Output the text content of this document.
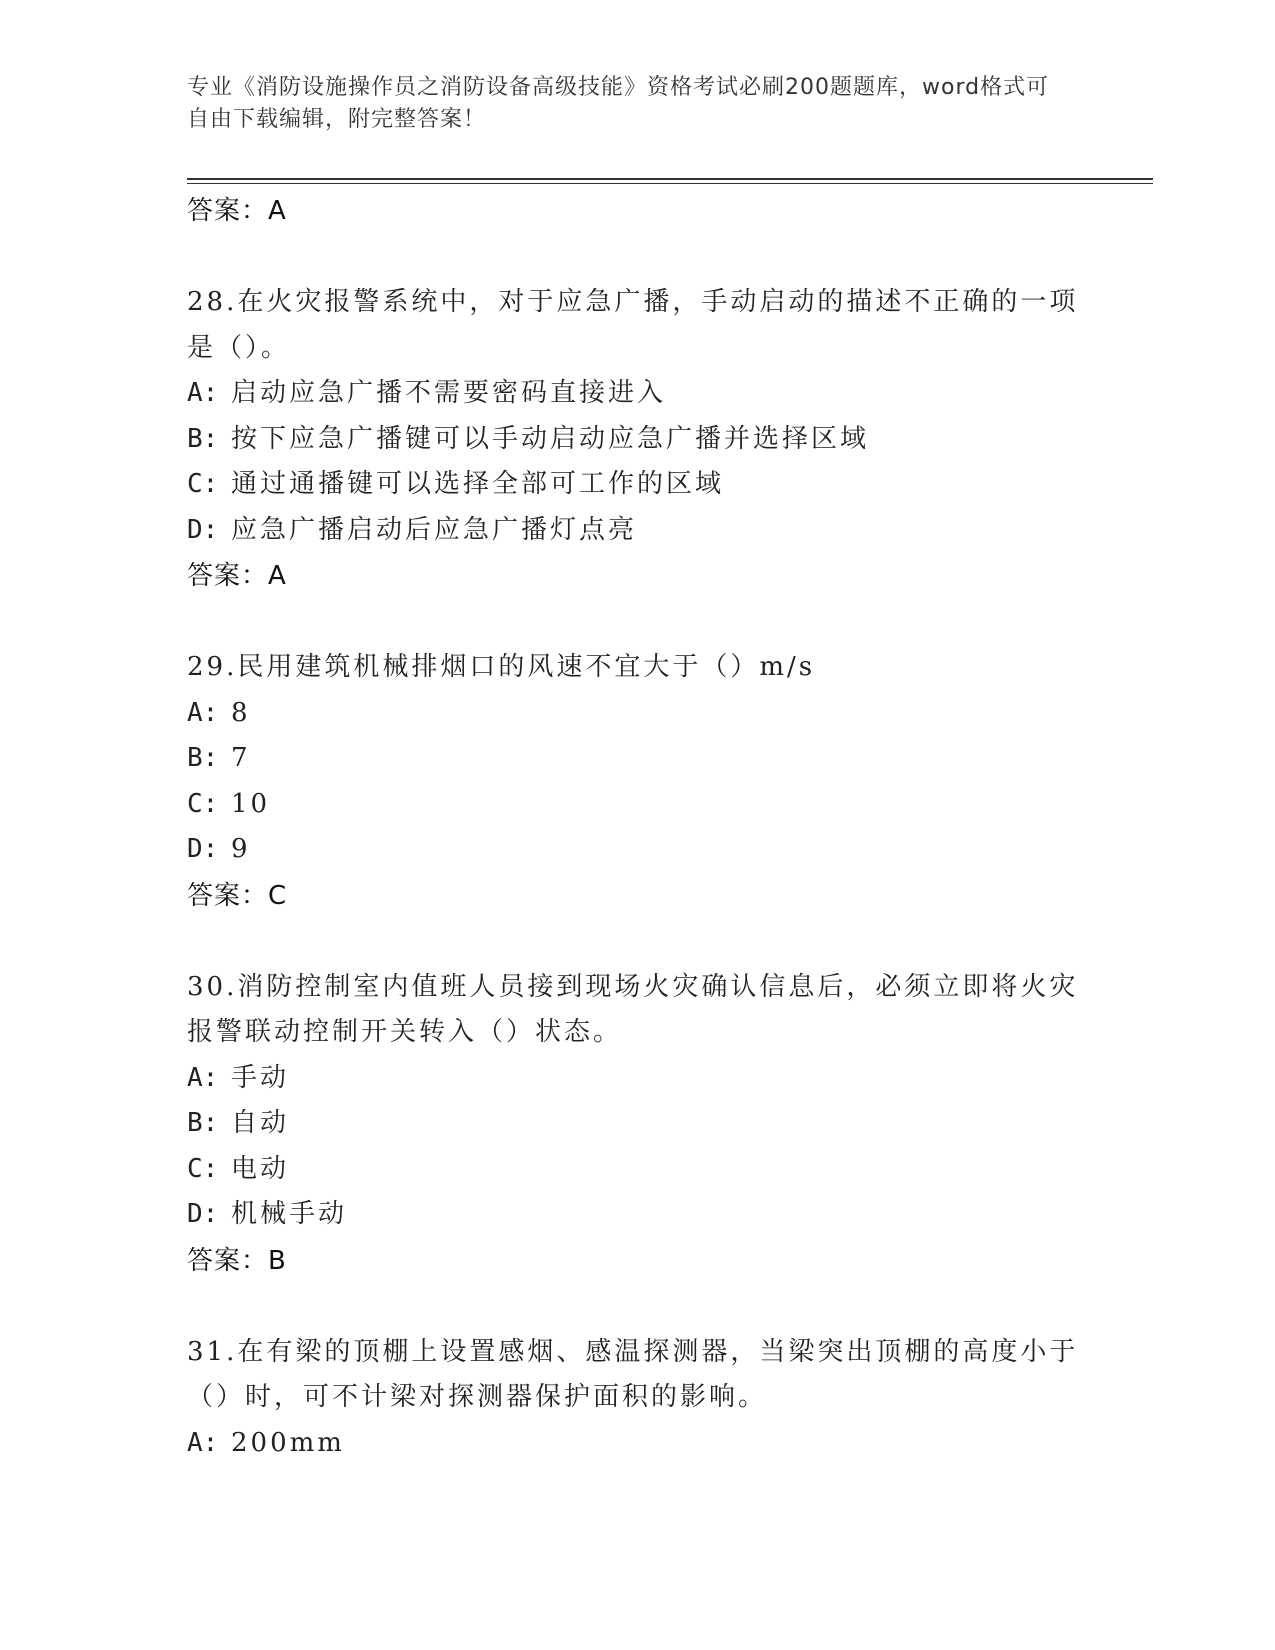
专业《消防设施操作员之消防设备高级技能》资格考试必刷200题题库，word格式可自由下载编辑，附完整答案！
答案：A
28.在火灾报警系统中，对于应急广播，手动启动的描述不正确的一项是（）。
A: 启动应急广播不需要密码直接进入
B: 按下应急广播键可以手动启动应急广播并选择区域
C: 通过通播键可以选择全部可工作的区域
D: 应急广播启动后应急广播灯点亮
答案：A
29.民用建筑机械排烟口的风速不宜大于（）m/s
A: 8
B: 7
C: 10
D: 9
答案：C
30.消防控制室内值班人员接到现场火灾确认信息后，必须立即将火灾报警联动控制开关转入（）状态。
A: 手动
B: 自动
C: 电动
D: 机械手动
答案：B
31.在有梁的顶棚上设置感烟、感温探测器，当梁突出顶棚的高度小于（）时，可不计梁对探测器保护面积的影响。
A: 200mm
